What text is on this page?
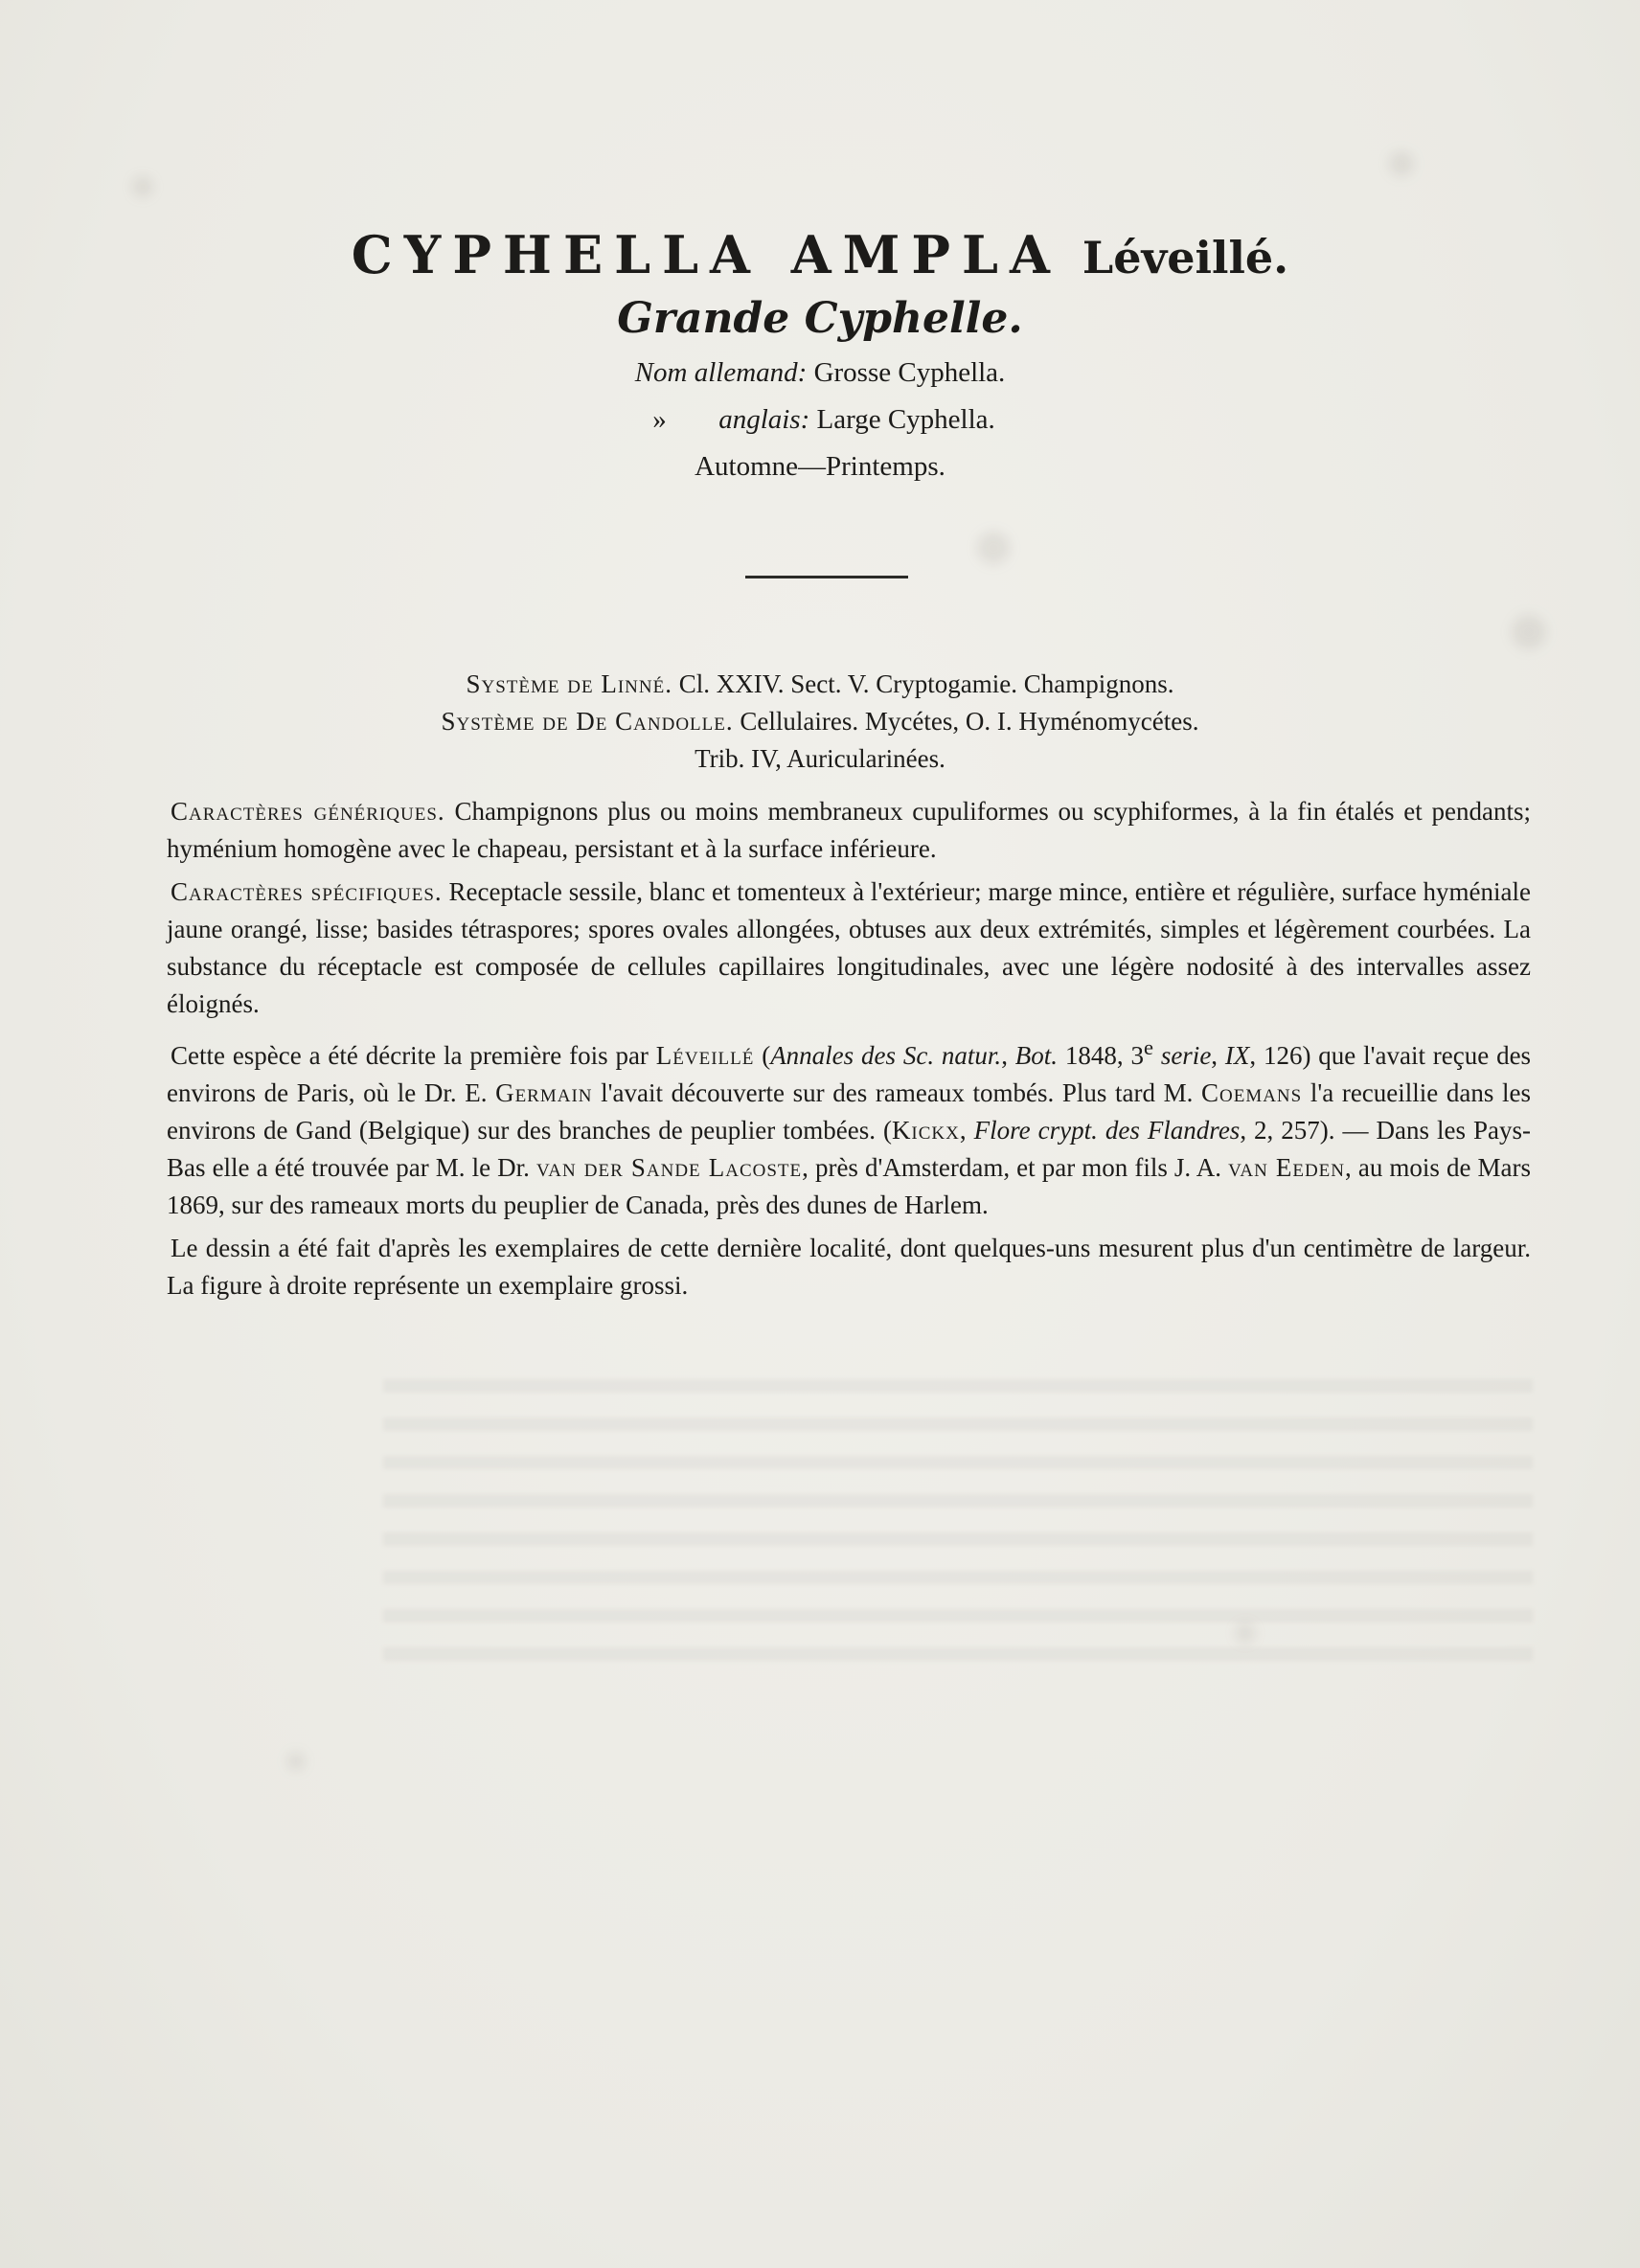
CYPHELLA AMPLA Léveillé.
Grande Cyphelle.
Nom allemand: Grosse Cyphella.
» anglais: Large Cyphella.
Automne—Printemps.
Système de Linné. Cl. XXIV. Sect. V. Cryptogamie. Champignons.
Système de De Candolle. Cellulaires. Mycétes, O. I. Hyménomycétes.
Trib. IV, Auricularinées.

Caractères génériques. Champignons plus ou moins membraneux cupuliformes ou scyphiformes, à la fin étalés et pendants; hyménium homogène avec le chapeau, persistant et à la surface inférieure.

Caractères spécifiques. Receptacle sessile, blanc et tomenteux à l'extérieur; marge mince, entière et régulière, surface hyméniale jaune orangé, lisse; basides tétraspores; spores ovales allongées, obtuses aux deux extrémités, simples et légèrement courbées. La substance du réceptacle est composée de cellules capillaires longitudinales, avec une légère nodosité à des intervalles assez éloignés.

Cette espèce a été décrite la première fois par Léveillé (Annales des Sc. natur., Bot. 1848, 3e serie, IX, 126) que l'avait reçue des environs de Paris, où le Dr. E. Germain l'avait découverte sur des rameaux tombés. Plus tard M. Coemans l'a recueillie dans les environs de Gand (Belgique) sur des branches de peuplier tombées. (Kickx, Flore crypt. des Flandres, 2, 257). — Dans les Pays-Bas elle a été trouvée par M. le Dr. van der Sande Lacoste, près d'Amsterdam, et par mon fils J. A. van Eeden, au mois de Mars 1869, sur des rameaux morts du peuplier de Canada, près des dunes de Harlem.

Le dessin a été fait d'après les exemplaires de cette dernière localité, dont quelques-uns mesurent plus d'un centimètre de largeur. La figure à droite représente un exemplaire grossi.
